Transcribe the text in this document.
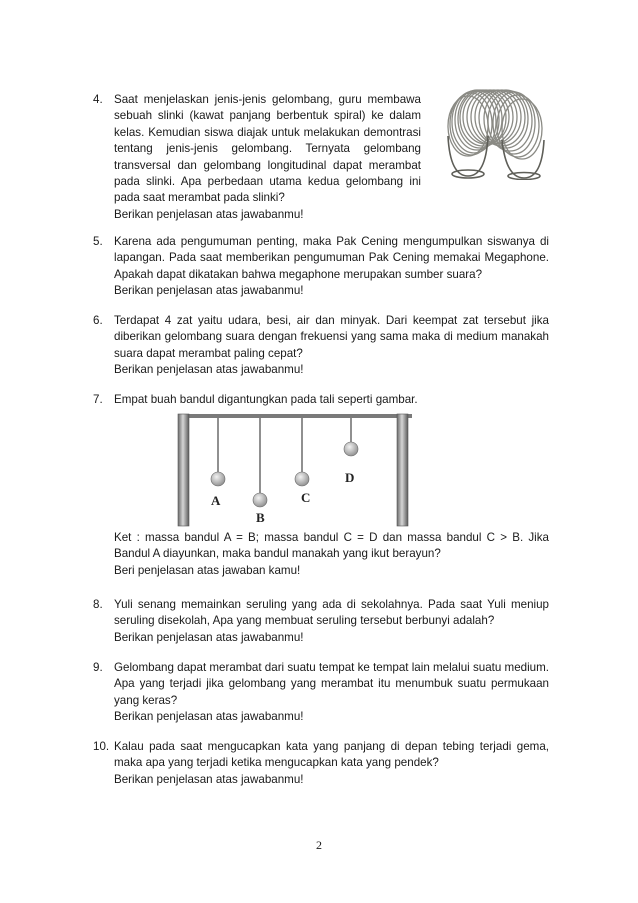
4. Saat menjelaskan jenis-jenis gelombang, guru membawa sebuah slinki (kawat panjang berbentuk spiral) ke dalam kelas. Kemudian siswa diajak untuk melakukan demontrasi tentang jenis-jenis gelombang. Ternyata gelombang transversal dan gelombang longitudinal dapat merambat pada slinki. Apa perbedaan utama kedua gelombang ini pada saat merambat pada slinki?

Berikan penjelasan atas jawabanmu!

5. Karena ada pengumuman penting, maka Pak Cening mengumpulkan siswanya di lapangan. Pada saat memberikan pengumuman Pak Cening memakai Megaphone. Apakah dapat dikatakan bahwa megaphone merupakan sumber suara?

Berikan penjelasan atas jawabanmu!

6. Terdapat 4 zat yaitu udara, besi, air dan minyak. Dari keempat zat tersebut jika diberikan gelombang suara dengan frekuensi yang sama maka di medium manakah suara dapat merambat paling cepat?

Berikan penjelasan atas jawabanmu!

7. Empat buah bandul digantungkan pada tali seperti gambar.

A
B
C
D

Ket : massa bandul A = B; massa bandul C = D dan massa bandul C > B. Jika Bandul A diayunkan, maka bandul manakah yang ikut berayun?

Beri penjelasan atas jawaban kamu!

8. Yuli senang memainkan seruling yang ada di sekolahnya. Pada saat Yuli meniup seruling disekolah, Apa yang membuat seruling tersebut berbunyi adalah?

Berikan penjelasan atas jawabanmu!

9. Gelombang dapat merambat dari suatu tempat ke tempat lain melalui suatu medium. Apa yang terjadi jika gelombang yang merambat itu menumbuk suatu permukaan yang keras?

Berikan penjelasan atas jawabanmu!

10. Kalau pada saat mengucapkan kata yang panjang di depan tebing terjadi gema, maka apa yang terjadi ketika mengucapkan kata yang pendek?

Berikan penjelasan atas jawabanmu!

2
